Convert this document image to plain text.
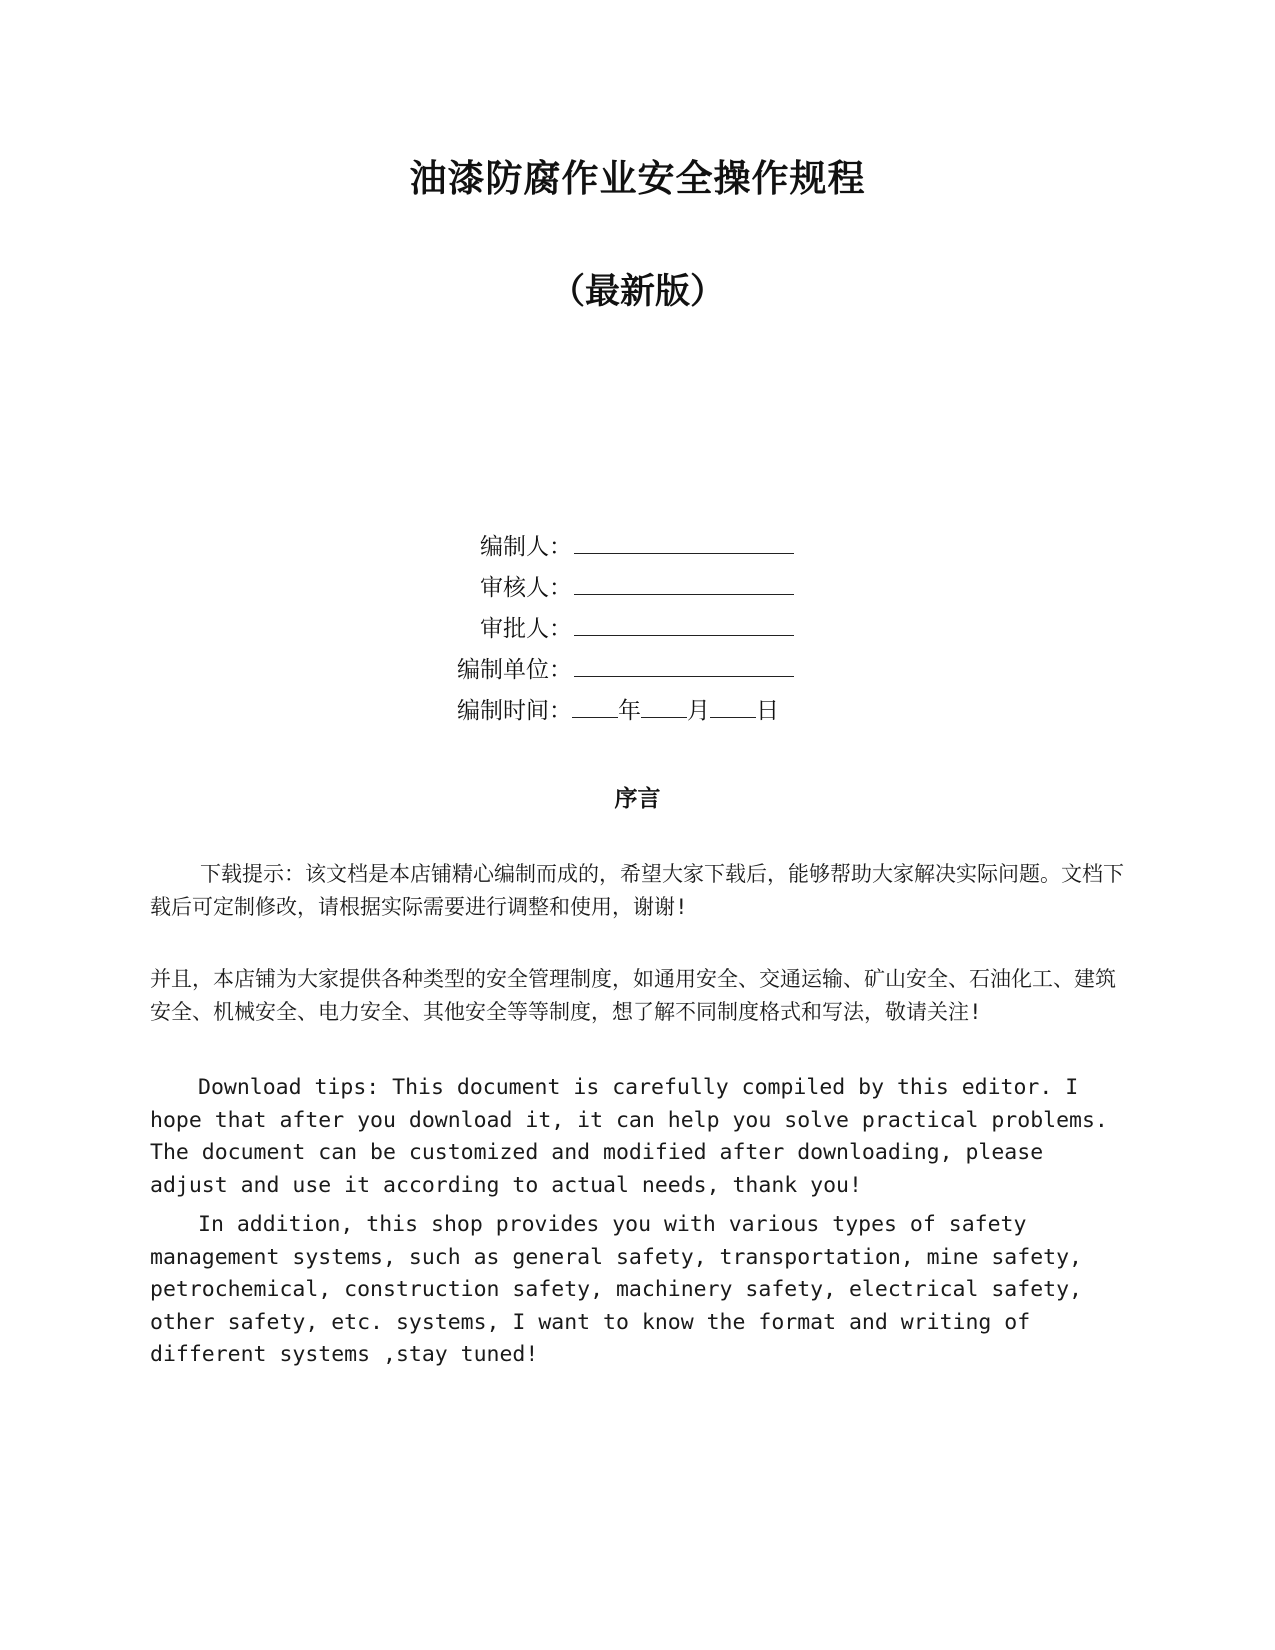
油漆防腐作业安全操作规程
（最新版）
编制人：
审核人：
审批人：
编制单位：
编制时间： 年 月 日
序言

下载提示：该文档是本店铺精心编制而成的，希望大家下载后，能够帮助大家解决实际问题。文档下载后可定制修改，请根据实际需要进行调整和使用，谢谢!

并且，本店铺为大家提供各种类型的安全管理制度，如通用安全、交通运输、矿山安全、石油化工、建筑安全、机械安全、电力安全、其他安全等等制度，想了解不同制度格式和写法，敬请关注!

Download tips: This document is carefully compiled by this editor. I hope that after you download it, it can help you solve practical problems. The document can be customized and modified after downloading, please adjust and use it according to actual needs, thank you!

In addition, this shop provides you with various types of safety management systems, such as general safety, transportation, mine safety, petrochemical, construction safety, machinery safety, electrical safety, other safety, etc. systems, I want to know the format and writing of different systems ,stay tuned!
